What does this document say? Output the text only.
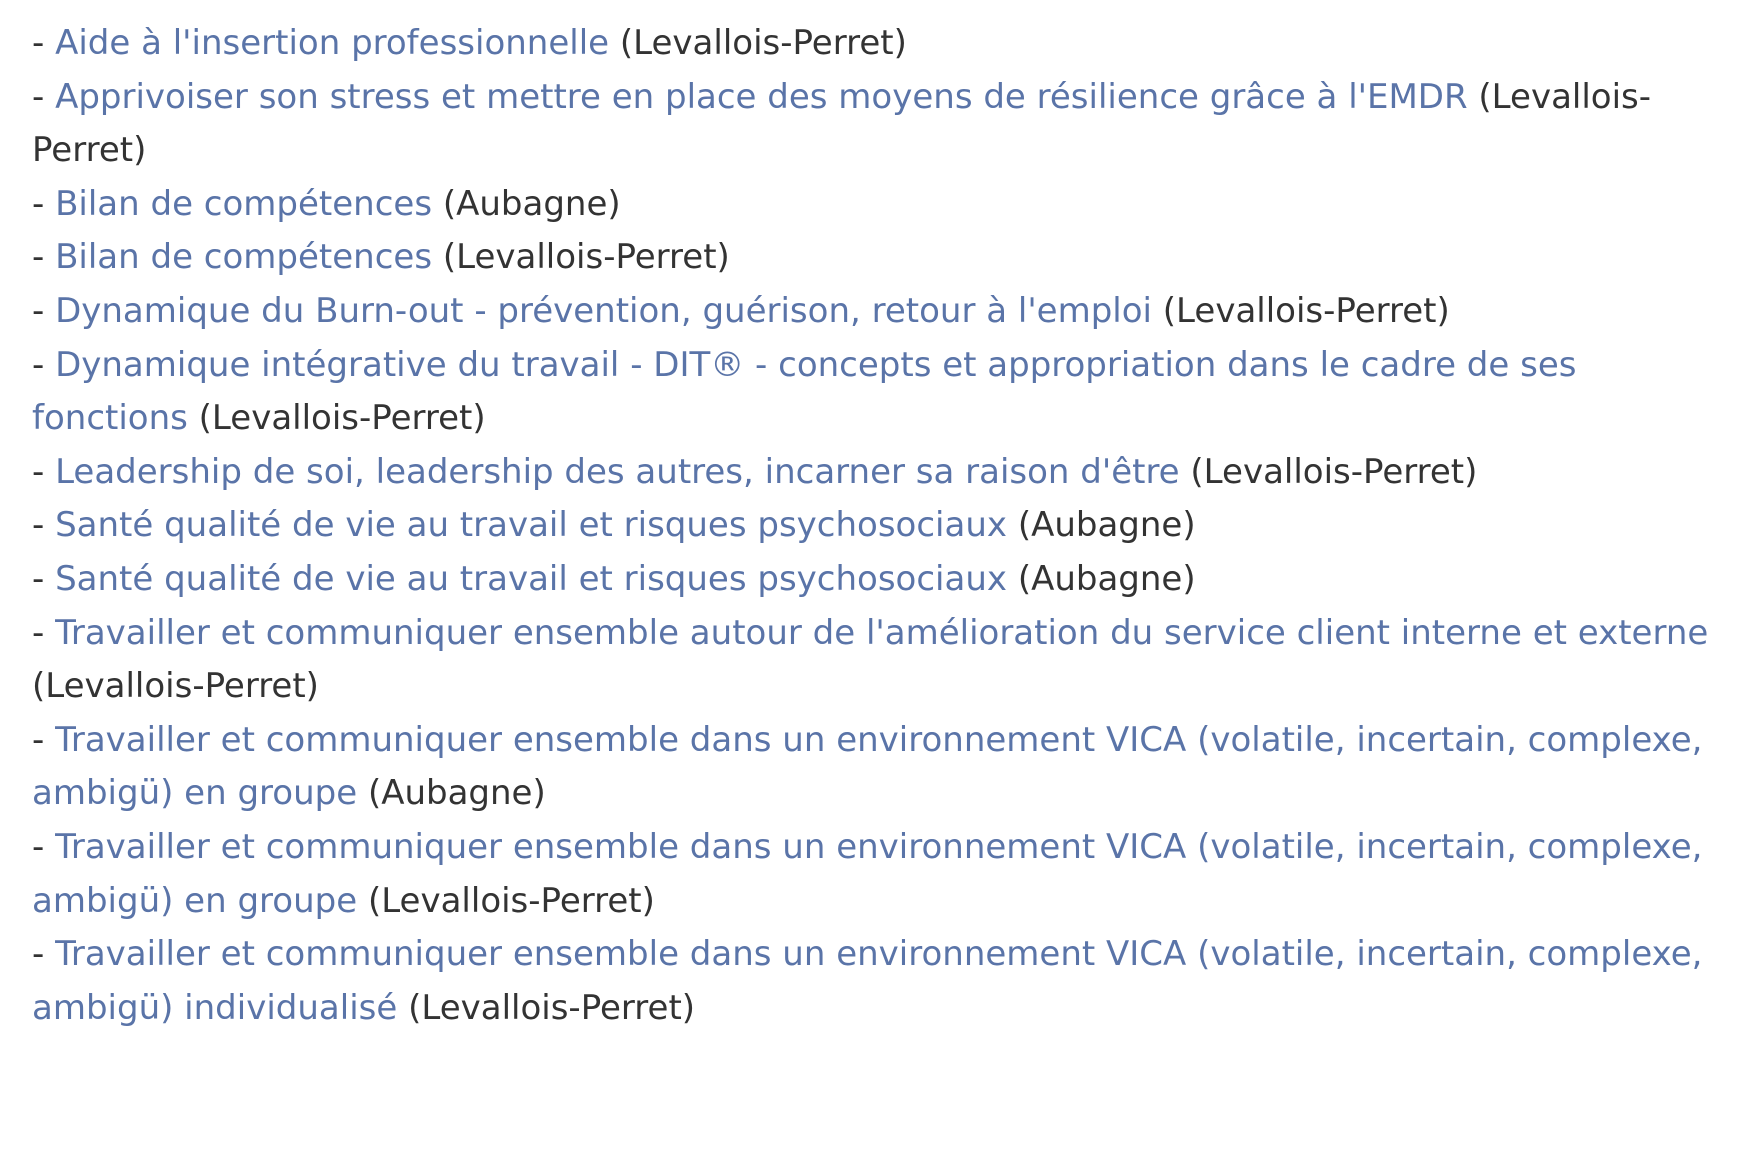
- Aide à l'insertion professionnelle (Levallois-Perret)
- Apprivoiser son stress et mettre en place des moyens de résilience grâce à l'EMDR (Levallois-Perret)
- Bilan de compétences (Aubagne)
- Bilan de compétences (Levallois-Perret)
- Dynamique du Burn-out - prévention, guérison, retour à l'emploi (Levallois-Perret)
- Dynamique intégrative du travail - DIT® - concepts et appropriation dans le cadre de ses fonctions (Levallois-Perret)
- Leadership de soi, leadership des autres, incarner sa raison d'être (Levallois-Perret)
- Santé qualité de vie au travail et risques psychosociaux (Aubagne)
- Santé qualité de vie au travail et risques psychosociaux (Aubagne)
- Travailler et communiquer ensemble autour de l'amélioration du service client interne et externe (Levallois-Perret)
- Travailler et communiquer ensemble dans un environnement VICA (volatile, incertain, complexe, ambigü) en groupe (Aubagne)
- Travailler et communiquer ensemble dans un environnement VICA (volatile, incertain, complexe, ambigü) en groupe (Levallois-Perret)
- Travailler et communiquer ensemble dans un environnement VICA (volatile, incertain, complexe, ambigü) individualisé (Levallois-Perret)
